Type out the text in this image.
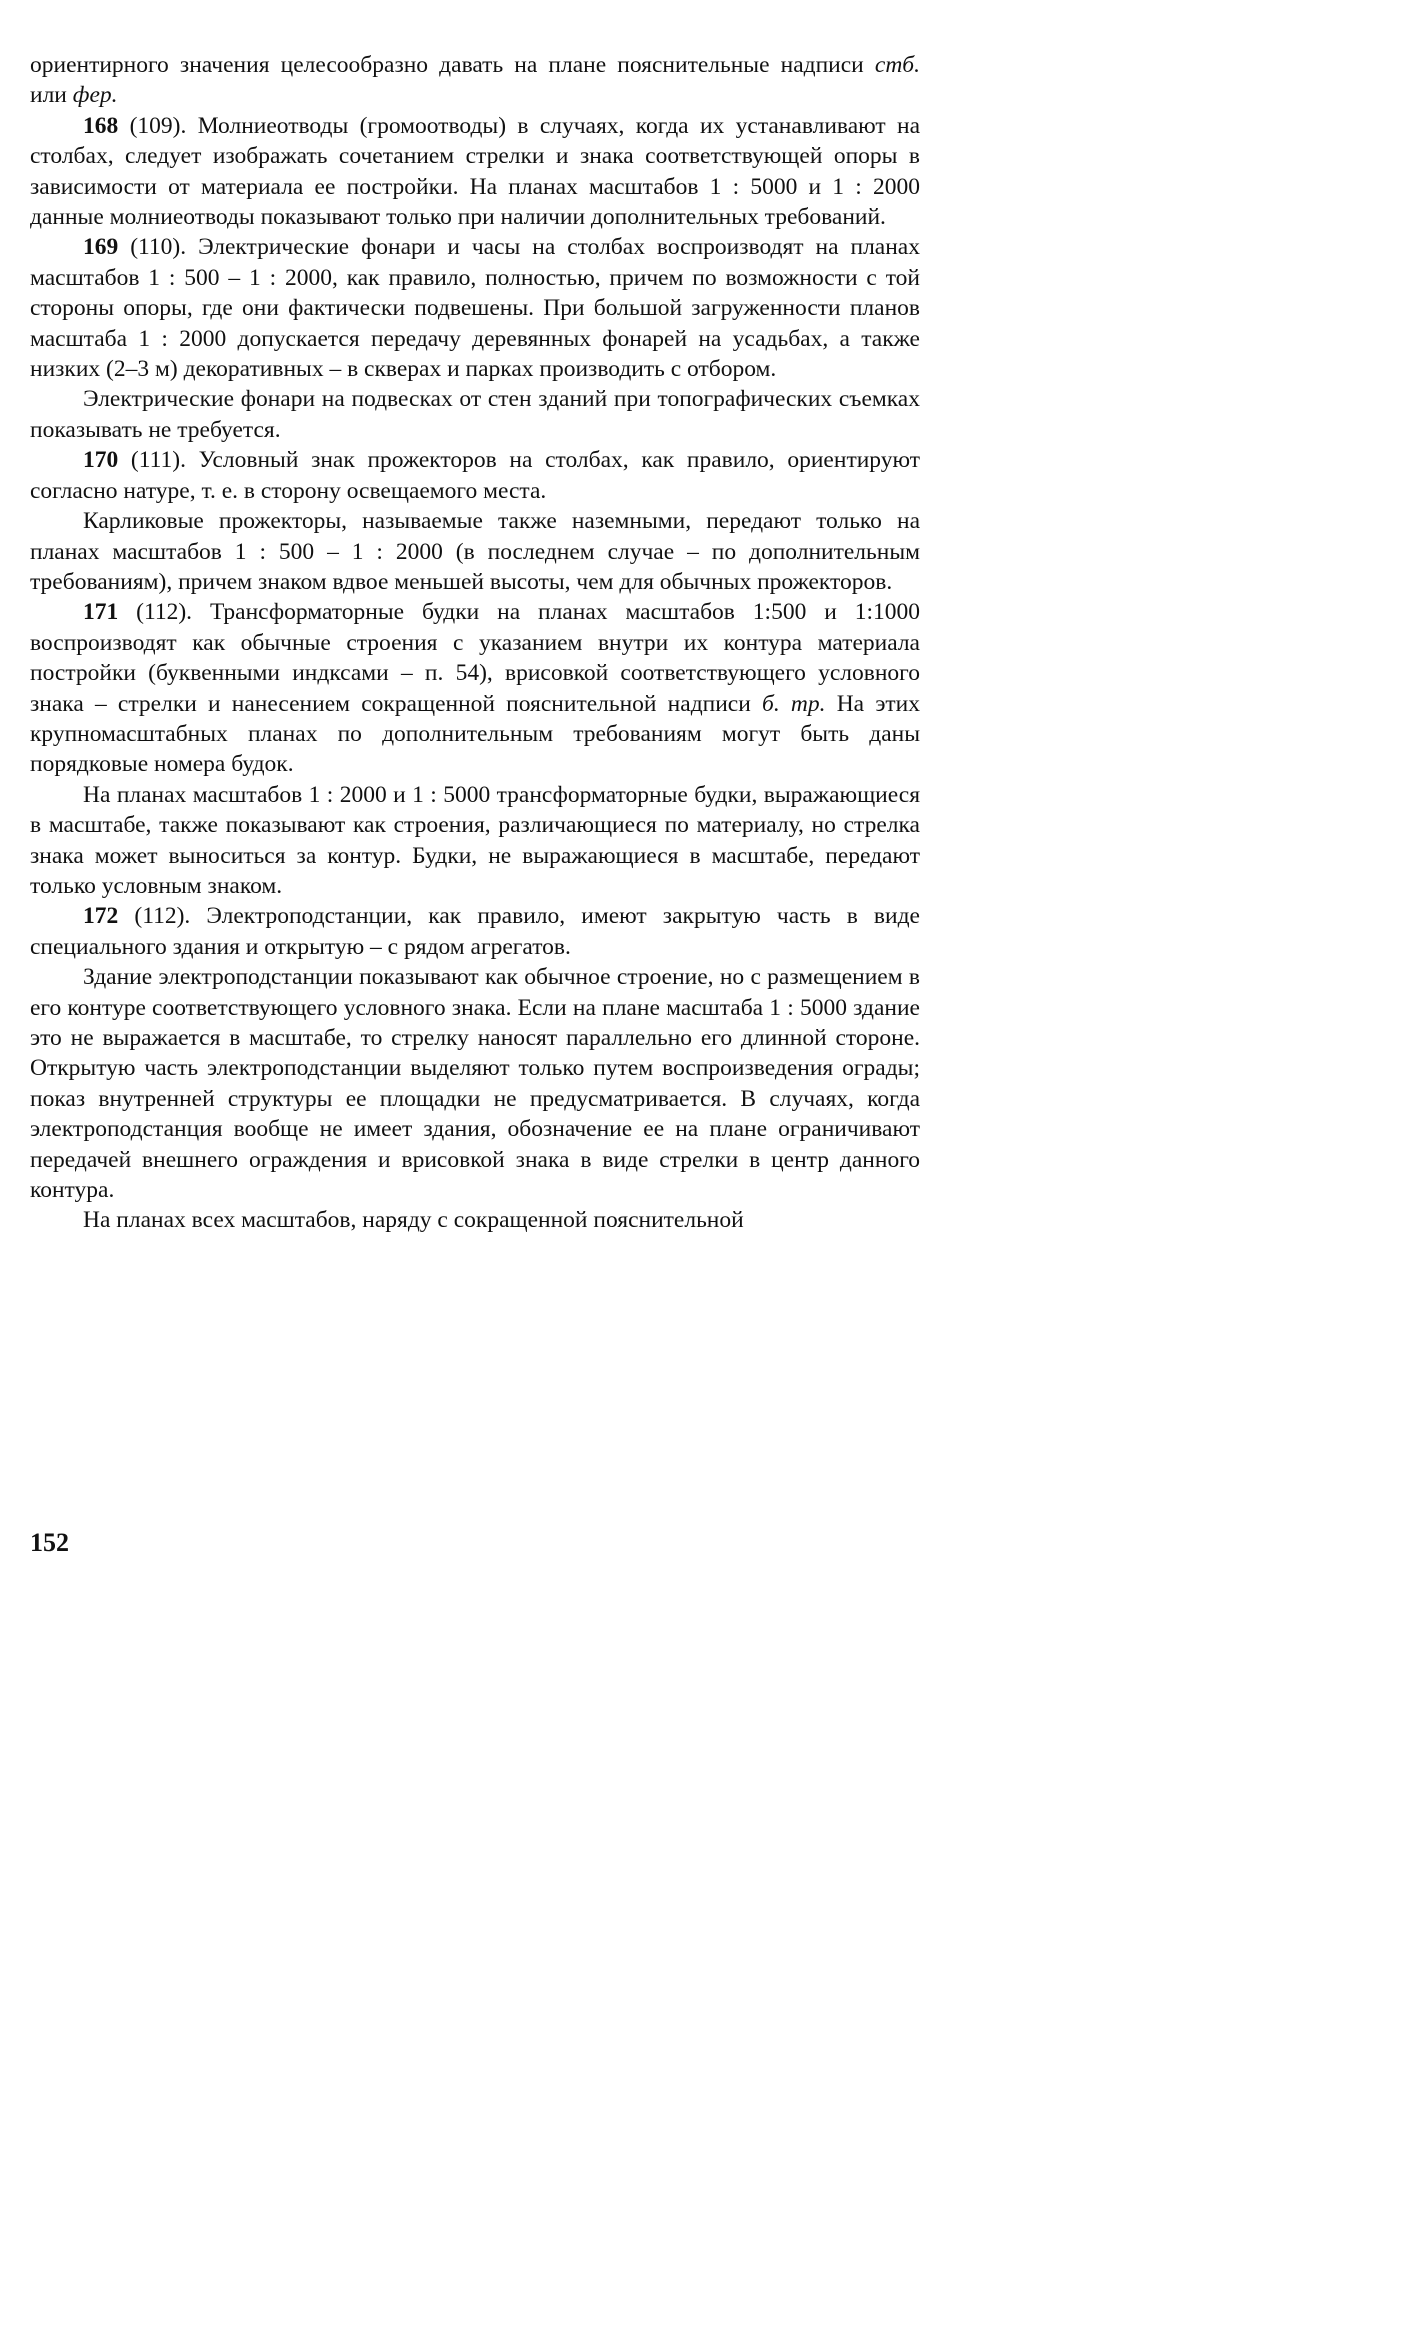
ориентирного значения целесообразно давать на плане пояснительные надписи стб. или фер.

168 (109). Молниеотводы (громоотводы) в случаях, когда их устанавливают на столбах, следует изображать сочетанием стрелки и знака соответствующей опоры в зависимости от материала ее постройки. На планах масштабов 1 : 5000 и 1 : 2000 данные молниеотводы показывают только при наличии дополнительных требований.

169 (110). Электрические фонари и часы на столбах воспроизводят на планах масштабов 1 : 500 – 1 : 2000, как правило, полностью, причем по возможности с той стороны опоры, где они фактически подвешены. При большой загруженности планов масштаба 1 : 2000 допускается передачу деревянных фонарей на усадьбах, а также низких (2–3 м) декоративных – в скверах и парках производить с отбором.

Электрические фонари на подвесках от стен зданий при топографических съемках показывать не требуется.

170 (111). Условный знак прожекторов на столбах, как правило, ориентируют согласно натуре, т. е. в сторону освещаемого места.

Карликовые прожекторы, называемые также наземными, передают только на планах масштабов 1 : 500 – 1 : 2000 (в последнем случае – по дополнительным требованиям), причем знаком вдвое меньшей высоты, чем для обычных прожекторов.

171 (112). Трансформаторные будки на планах масштабов 1:500 и 1:1000 воспроизводят как обычные строения с указанием внутри их контура материала постройки (буквенными индксами – п. 54), врисовкой соответствующего условного знака – стрелки и нанесением сокращенной пояснительной надписи б. тр. На этих крупномасштабных планах по дополнительным требованиям могут быть даны порядковые номера будок.

На планах масштабов 1 : 2000 и 1 : 5000 трансформаторные будки, выражающиеся в масштабе, также показывают как строения, различающиеся по материалу, но стрелка знака может выноситься за контур. Будки, не выражающиеся в масштабе, передают только условным знаком.

172 (112). Электроподстанции, как правило, имеют закрытую часть в виде специального здания и открытую – с рядом агрегатов.

Здание электроподстанции показывают как обычное строение, но с размещением в его контуре соответствующего условного знака. Если на плане масштаба 1 : 5000 здание это не выражается в масштабе, то стрелку наносят параллельно его длинной стороне. Открытую часть электроподстанции выделяют только путем воспроизведения ограды; показ внутренней структуры ее площадки не предусматривается. В случаях, когда электроподстанция вообще не имеет здания, обозначение ее на плане ограничивают передачей внешнего ограждения и врисовкой знака в виде стрелки в центр данного контура.

На планах всех масштабов, наряду с сокращенной пояснительной

152
